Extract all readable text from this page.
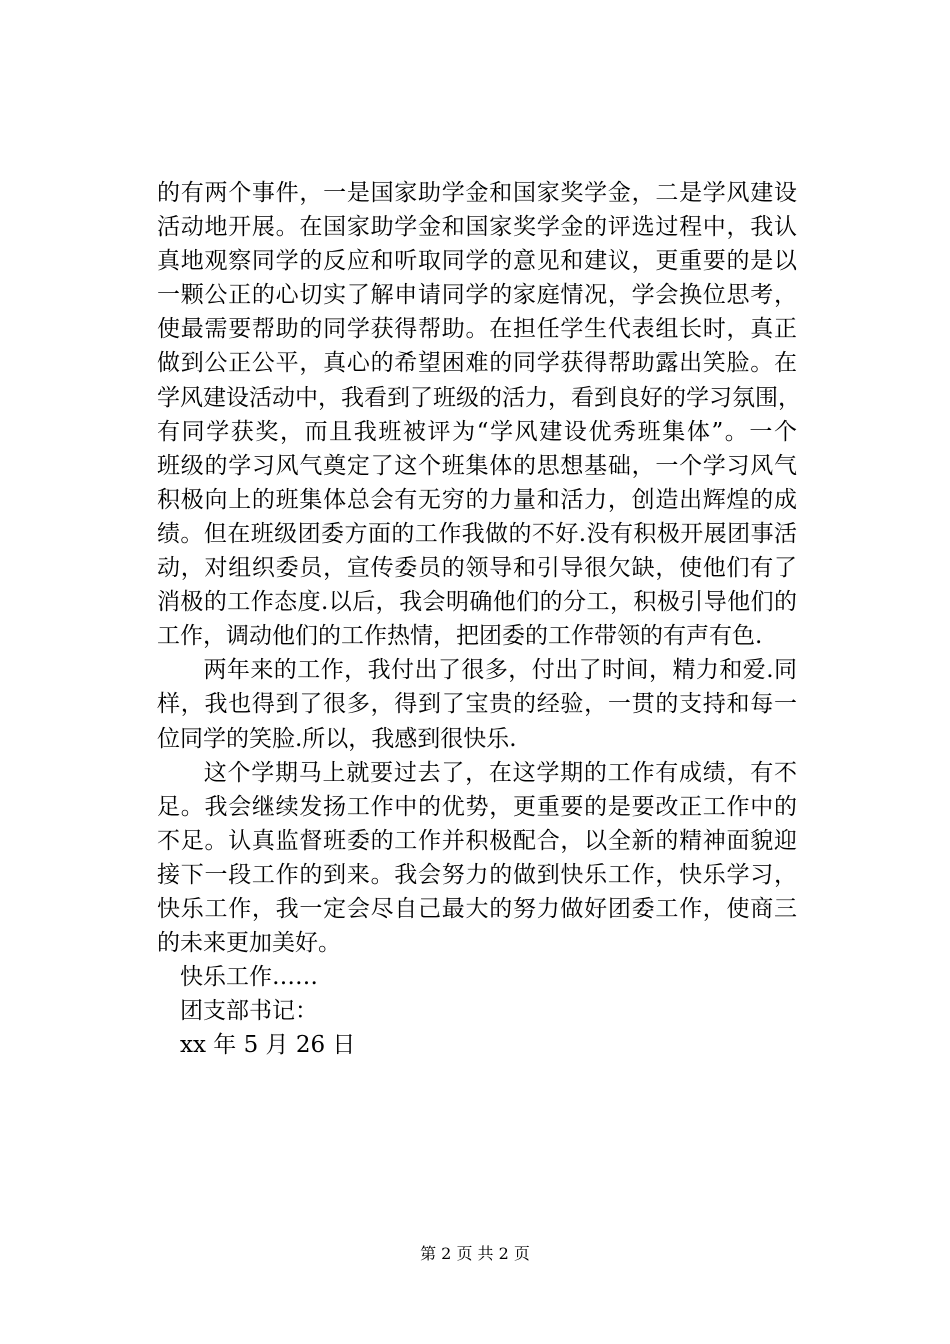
的有两个事件，一是国家助学金和国家奖学金，二是学风建设
活动地开展。在国家助学金和国家奖学金的评选过程中，我认
真地观察同学的反应和听取同学的意见和建议，更重要的是以
一颗公正的心切实了解申请同学的家庭情况，学会换位思考，
使最需要帮助的同学获得帮助。在担任学生代表组长时，真正
做到公正公平，真心的希望困难的同学获得帮助露出笑脸。在
学风建设活动中，我看到了班级的活力，看到良好的学习氛围，
有同学获奖，而且我班被评为“学风建设优秀班集体”。一个
班级的学习风气奠定了这个班集体的思想基础，一个学习风气
积极向上的班集体总会有无穷的力量和活力，创造出辉煌的成
绩。但在班级团委方面的工作我做的不好.没有积极开展团事活
动，对组织委员，宣传委员的领导和引导很欠缺，使他们有了
消极的工作态度.以后，我会明确他们的分工，积极引导他们的
工作，调动他们的工作热情，把团委的工作带领的有声有色.
　两年来的工作，我付出了很多，付出了时间，精力和爱.同
样，我也得到了很多，得到了宝贵的经验，一贯的支持和每一
位同学的笑脸.所以，我感到很快乐.
　这个学期马上就要过去了，在这学期的工作有成绩，有不
足。我会继续发扬工作中的优势，更重要的是要改正工作中的
不足。认真监督班委的工作并积极配合，以全新的精神面貌迎
接下一段工作的到来。我会努力的做到快乐工作，快乐学习，
快乐工作，我一定会尽自己最大的努力做好团委工作，使商三
的未来更加美好。
快乐工作……
团支部书记：
xx 年 5 月 26 日
第 2 页 共 2 页
